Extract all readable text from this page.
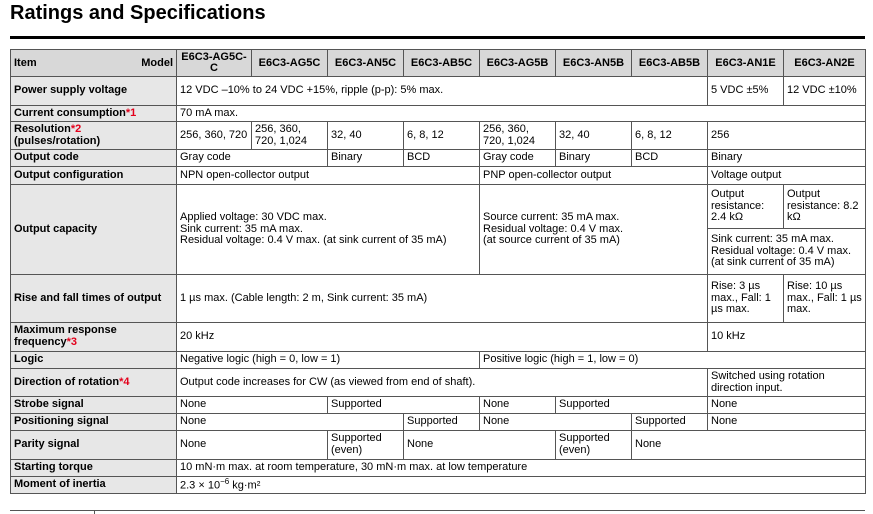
Ratings and Specifications
Item Model	E6C3-AG5C-C	E6C3-AG5C	E6C3-AN5C	E6C3-AB5C	E6C3-AG5B	E6C3-AN5B	E6C3-AB5B	E6C3-AN1E	E6C3-AN2E
Power supply voltage	12 VDC –10% to 24 VDC +15%, ripple (p-p): 5% max.							5 VDC ±5%	12 VDC ±10%
Current consumption*1	70 mA max.								
Resolution*2
(pulses/rotation)	256, 360, 720	256, 360, 720, 1,024	32, 40	6, 8, 12	256, 360, 720, 1,024	32, 40	6, 8, 12	256	
Output code	Gray code		Binary	BCD	Gray code	Binary	BCD	Binary	
Output configuration	NPN open-collector output				PNP open-collector output			Voltage output	
Output capacity	Applied voltage: 30 VDC max.
Sink current: 35 mA max.
Residual voltage: 0.4 V max. (at sink current of 35 mA)				Source current: 35 mA max.
Residual voltage: 0.4 V max.
(at source current of 35 mA)			Output resistance: 2.4 kΩ	Output resistance: 8.2 kΩ
								Sink current: 35 mA max. Residual voltage: 0.4 V max. (at sink current of 35 mA)	
Rise and fall times of output	1 µs max. (Cable length: 2 m, Sink current: 35 mA)							Rise: 3 µs max., Fall: 1 µs max.	Rise: 10 µs max., Fall: 1 µs max.
Maximum response frequency*3	20 kHz							10 kHz	
Logic	Negative logic (high = 0, low = 1)				Positive logic (high = 1, low = 0)				
Direction of rotation*4	Output code increases for CW (as viewed from end of shaft).							Switched using rotation direction input.	
Strobe signal	None		Supported		None	Supported		None	
Positioning signal	None			Supported	None		Supported	None	
Parity signal	None		Supported (even)	None		Supported (even)	None		
Starting torque	10 mN·m max. at room temperature, 30 mN·m max. at low temperature								
Moment of inertia	$2.3 \times 10^{-6}$ kg·m²								
